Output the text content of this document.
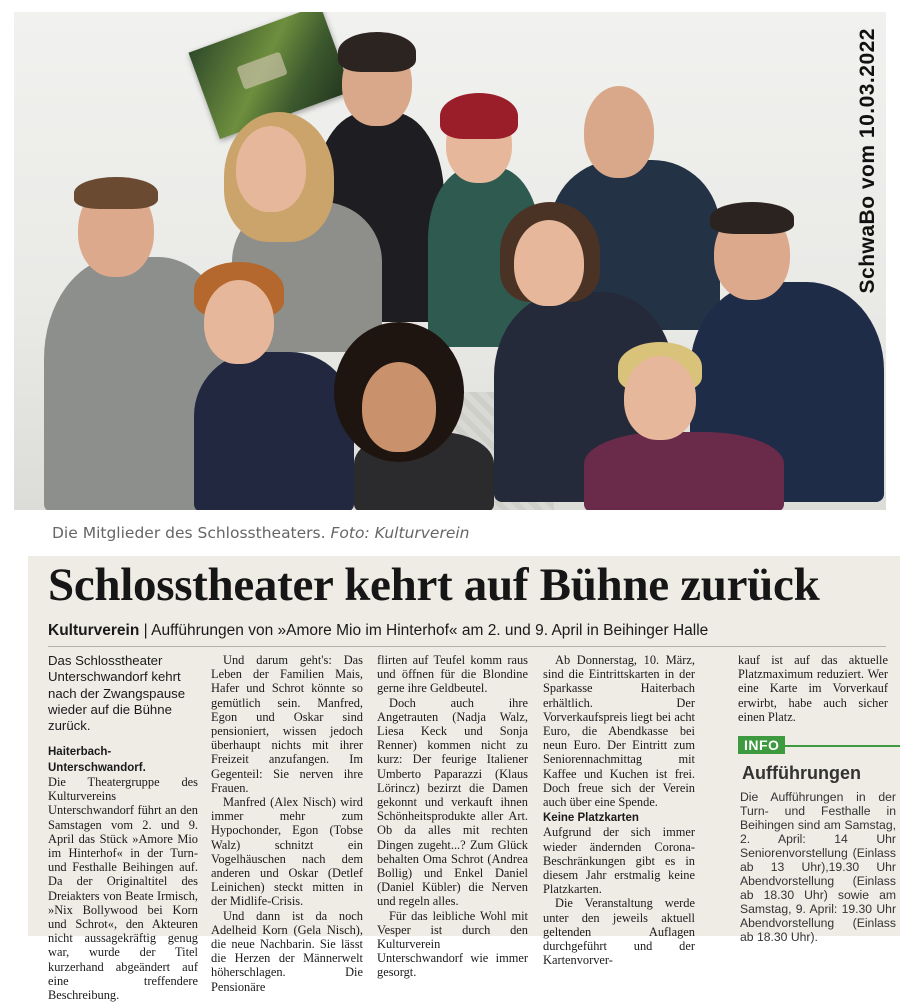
SchwaBo vom 10.03.2022
Die Mitglieder des Schlosstheaters. Foto: Kulturverein
Schlosstheater kehrt auf Bühne zurück
Kulturverein | Aufführungen von »Amore Mio im Hinterhof« am 2. und 9. April in Beihinger Halle
Das Schlosstheater Unterschwandorf kehrt nach der Zwangspause wieder auf die Bühne zurück.

Haiterbach-Unterschwandorf.
Die Theatergruppe des Kulturvereins Unterschwandorf führt an den Samstagen vom 2. und 9. April das Stück »Amore Mio im Hinterhof« in der Turn- und Festhalle Beihingen auf. Da der Originaltitel des Dreiakters von Beate Irmisch, »Nix Bollywood bei Korn und Schrot«, den Akteuren nicht aussagekräftig genug war, wurde der Titel kurzerhand abgeändert auf eine treffendere Beschreibung.

Und darum geht's: Das Leben der Familien Mais, Hafer und Schrot könnte so gemütlich sein. Manfred, Egon und Oskar sind pensioniert, wissen jedoch überhaupt nichts mit ihrer Freizeit anzufangen. Im Gegenteil: Sie nerven ihre Frauen.

Manfred (Alex Nisch) wird immer mehr zum Hypochonder, Egon (Tobse Walz) schnitzt ein Vogelhäuschen nach dem anderen und Oskar (Detlef Leinichen) steckt mitten in der Midlife-Crisis.

Und dann ist da noch Adelheid Korn (Gela Nisch), die neue Nachbarin. Sie lässt die Herzen der Männerwelt höherschlagen. Die Pensionäre

flirten auf Teufel komm raus und öffnen für die Blondine gerne ihre Geldbeutel.

Doch auch ihre Angetrauten (Nadja Walz, Liesa Keck und Sonja Renner) kommen nicht zu kurz: Der feurige Italiener Umberto Paparazzi (Klaus Lörincz) bezirzt die Damen gekonnt und verkauft ihnen Schönheitsprodukte aller Art. Ob da alles mit rechten Dingen zugeht...? Zum Glück behalten Oma Schrot (Andrea Bollig) und Enkel Daniel (Daniel Kübler) die Nerven und regeln alles.

Für das leibliche Wohl mit Vesper ist durch den Kulturverein Unterschwandorf wie immer gesorgt.

Ab Donnerstag, 10. März, sind die Eintrittskarten in der Sparkasse Haiterbach erhältlich. Der Vorverkaufspreis liegt bei acht Euro, die Abendkasse bei neun Euro. Der Eintritt zum Seniorennachmittag mit Kaffee und Kuchen ist frei. Doch freue sich der Verein auch über eine Spende.

Keine Platzkarten

Aufgrund der sich immer wieder ändernden Corona-Beschränkungen gibt es in diesem Jahr erstmalig keine Platzkarten.

Die Veranstaltung werde unter den jeweils aktuell geltenden Auflagen durchgeführt und der Kartenvorver-

kauf ist auf das aktuelle Platzmaximum reduziert. Wer eine Karte im Vorverkauf erwirbt, habe auch sicher einen Platz.

INFO
Aufführungen
Die Aufführungen in der Turn- und Festhalle in Beihingen sind am Samstag, 2. April: 14 Uhr Seniorenvorstellung (Einlass ab 13 Uhr),19.30 Uhr Abendvorstellung (Einlass ab 18.30 Uhr) sowie am Samstag, 9. April: 19.30 Uhr Abendvorstellung (Einlass ab 18.30 Uhr).
